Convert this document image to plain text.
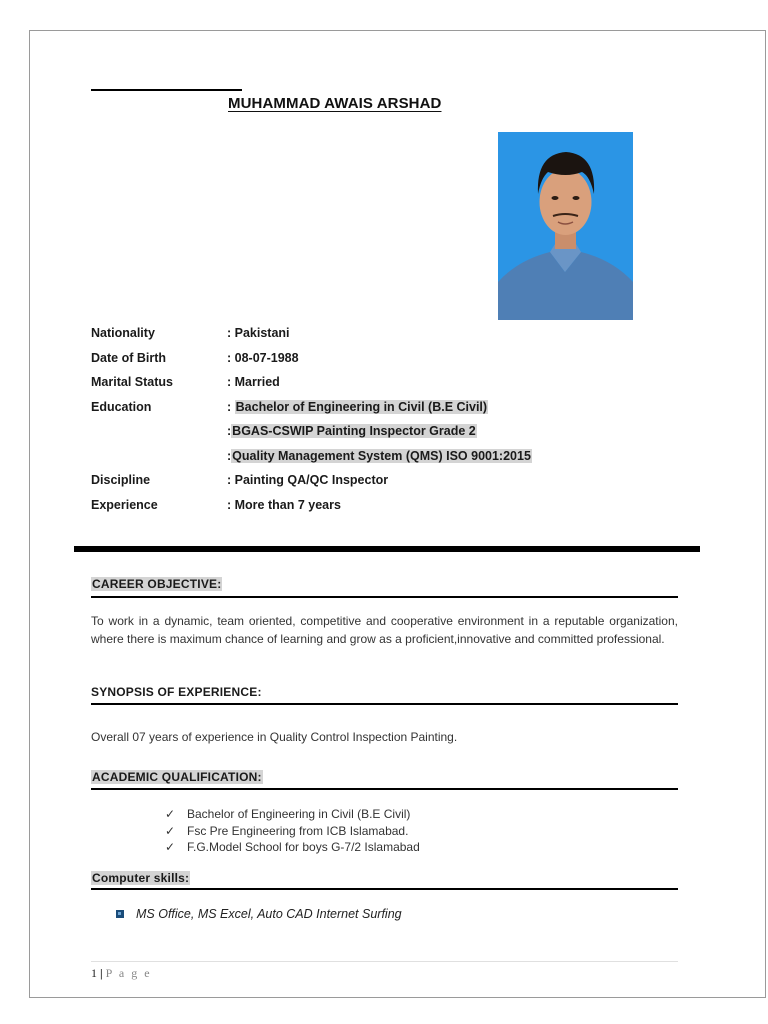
MUHAMMAD AWAIS ARSHAD
Nationality	: Pakistani
Date of Birth	: 08-07-1988
Marital Status	: Married
Education	: Bachelor of Engineering in Civil (B.E Civil)
:BGAS-CSWIP Painting Inspector Grade 2
:Quality Management System (QMS) ISO 9001:2015
Discipline	: Painting QA/QC Inspector
Experience	: More than 7 years
CAREER OBJECTIVE:
To work in a dynamic, team oriented, competitive and cooperative environment in a reputable organization, where there is maximum chance of learning and grow as a proficient,innovative and committed professional.
SYNOPSIS OF EXPERIENCE:
Overall 07 years of experience in Quality Control Inspection Painting.
ACADEMIC QUALIFICATION:
✓ Bachelor of Engineering in Civil (B.E Civil)
✓ Fsc Pre Engineering from ICB Islamabad.
✓ F.G.Model School for boys G-7/2 Islamabad
Computer skills:
MS Office, MS Excel, Auto CAD Internet Surfing
1 | P a g e
